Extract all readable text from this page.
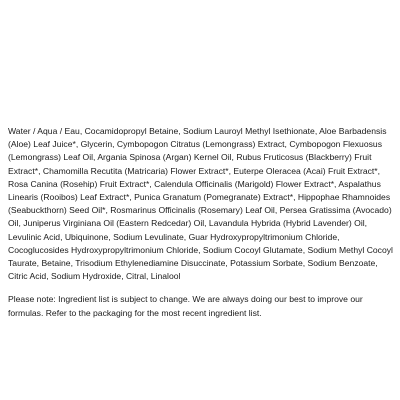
Water / Aqua / Eau, Cocamidopropyl Betaine, Sodium Lauroyl Methyl Isethionate, Aloe Barbadensis (Aloe) Leaf Juice*, Glycerin, Cymbopogon Citratus (Lemongrass) Extract, Cymbopogon Flexuosus (Lemongrass) Leaf Oil, Argania Spinosa (Argan) Kernel Oil, Rubus Fruticosus (Blackberry) Fruit Extract*, Chamomilla Recutita (Matricaria) Flower Extract*, Euterpe Oleracea (Acai) Fruit Extract*, Rosa Canina (Rosehip) Fruit Extract*, Calendula Officinalis (Marigold) Flower Extract*, Aspalathus Linearis (Rooibos) Leaf Extract*, Punica Granatum (Pomegranate) Extract*, Hippophae Rhamnoides (Seabuckthorn) Seed Oil*, Rosmarinus Officinalis (Rosemary) Leaf Oil, Persea Gratissima (Avocado) Oil, Juniperus Virginiana Oil (Eastern Redcedar) Oil, Lavandula Hybrida (Hybrid Lavender) Oil, Levulinic Acid, Ubiquinone, Sodium Levulinate, Guar Hydroxypropyltrimonium Chloride, Cocoglucosides Hydroxypropyltrimonium Chloride, Sodium Cocoyl Glutamate, Sodium Methyl Cocoyl Taurate, Betaine, Trisodium Ethylenediamine Disuccinate, Potassium Sorbate, Sodium Benzoate, Citric Acid, Sodium Hydroxide, Citral, Linalool

Please note: Ingredient list is subject to change. We are always doing our best to improve our formulas. Refer to the packaging for the most recent ingredient list.
